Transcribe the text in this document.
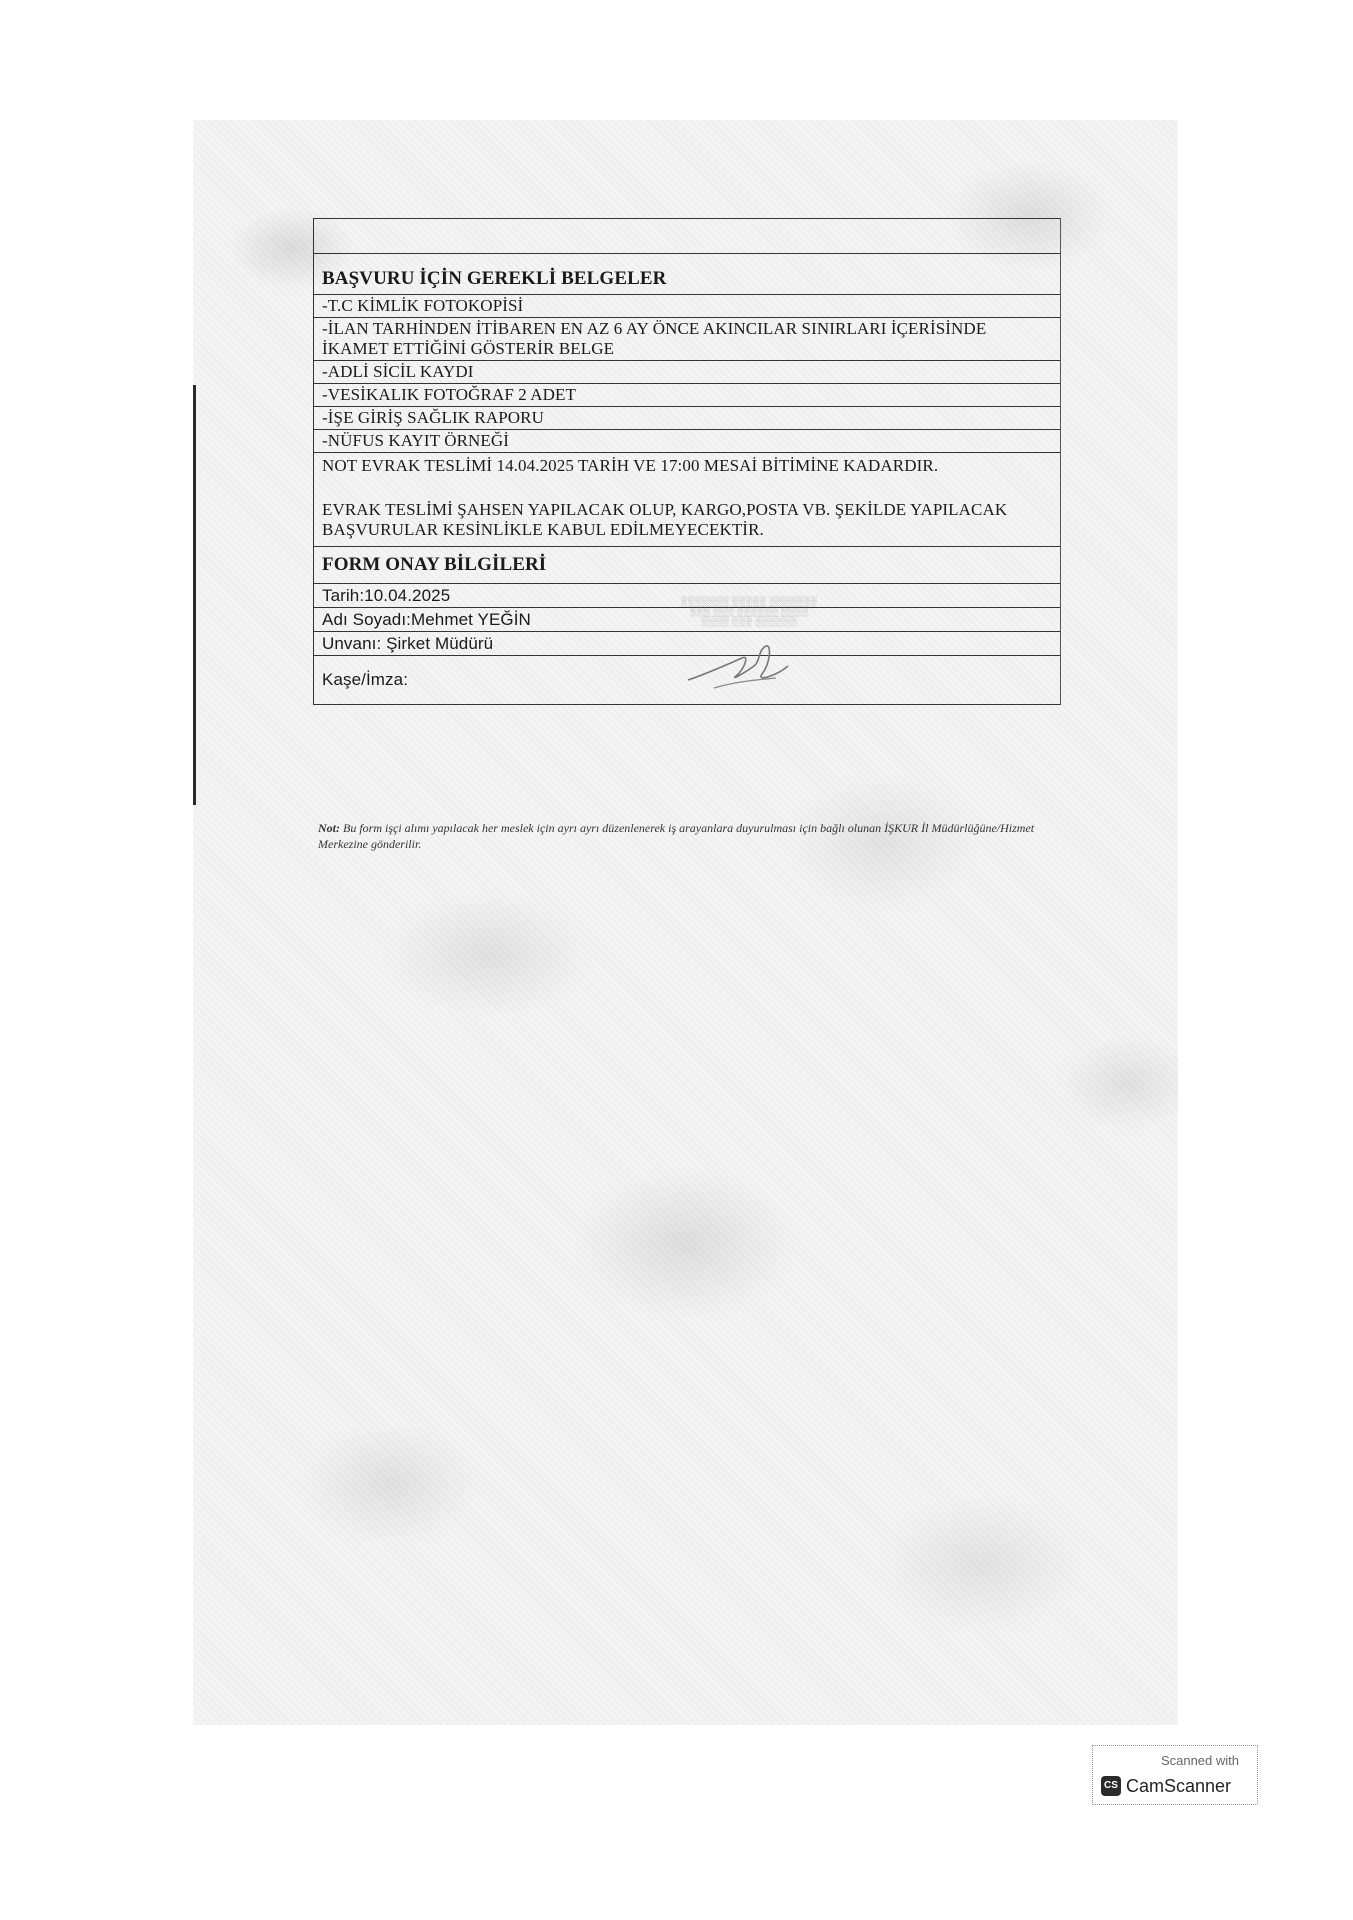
BAŞVURU İÇİN GEREKLİ BELGELER
-T.C KİMLİK FOTOKOPİSİ
-İLAN TARHİNDEN İTİBAREN EN AZ 6 AY ÖNCE AKINCILAR SINIRLARI İÇERİSİNDE
İKAMET ETTİĞİNİ GÖSTERİR BELGE
-ADLİ SİCİL KAYDI
-VESİKALIK FOTOĞRAF 2 ADET
-İŞE GİRİŞ SAĞLIK RAPORU
-NÜFUS KAYIT ÖRNEĞİ
NOT EVRAK TESLİMİ 14.04.2025 TARİH VE 17:00 MESAİ BİTİMİNE KADARDIR.
EVRAK TESLİMİ ŞAHSEN YAPILACAK OLUP, KARGO,POSTA VB. ŞEKİLDE YAPILACAK
BAŞVURULAR KESİNLİKLE KABUL EDİLMEYECEKTİR.
FORM ONAY BİLGİLERİ
Tarih:10.04.2025
Adı Soyadı:Mehmet YEĞİN
Unvanı: Şirket Müdürü
Kaşe/İmza:
░░░░░░░ ░░░░░ ░░░░░░░
░░░ ░░░ ░░░░░░ ░░░░
░░░░ ░░░ ░░░░░░
Not: Bu form işçi alımı yapılacak her meslek için ayrı ayrı düzenlenerek iş arayanlara duyurulması için bağlı olunan İŞKUR İl Müdürlüğüne/Hizmet Merkezine gönderilir.
Scanned with
CS CamScanner
